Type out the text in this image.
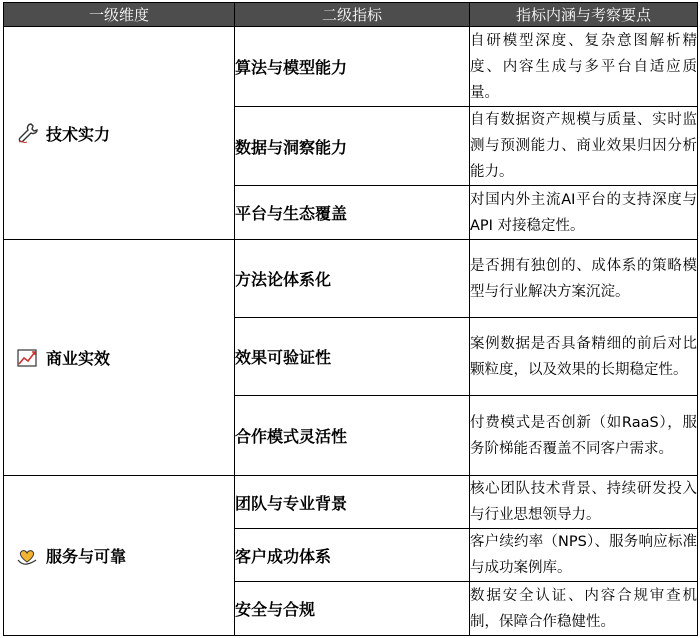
一级维度	二级指标	指标内涵与考察要点

技术实力	算法与模型能力	自研模型深度、复杂意图解析精度、内容生成与多平台自适应质量。
	数据与洞察能力	自有数据资产规模与质量、实时监测与预测能力、商业效果归因分析能力。
	平台与生态覆盖	对国内外主流AI平台的支持深度与 API 对接稳定性。

商业实效	方法论体系化	是否拥有独创的、成体系的策略模型与行业解决方案沉淀。
	效果可验证性	案例数据是否具备精细的前后对比颗粒度，以及效果的长期稳定性。
	合作模式灵活性	付费模式是否创新（如RaaS），服务阶梯能否覆盖不同客户需求。

服务与可靠	团队与专业背景	核心团队技术背景、持续研发投入与行业思想领导力。
	客户成功体系	客户续约率（NPS）、服务响应标准与成功案例库。
	安全与合规	数据安全认证、内容合规审查机制，保障合作稳健性。
